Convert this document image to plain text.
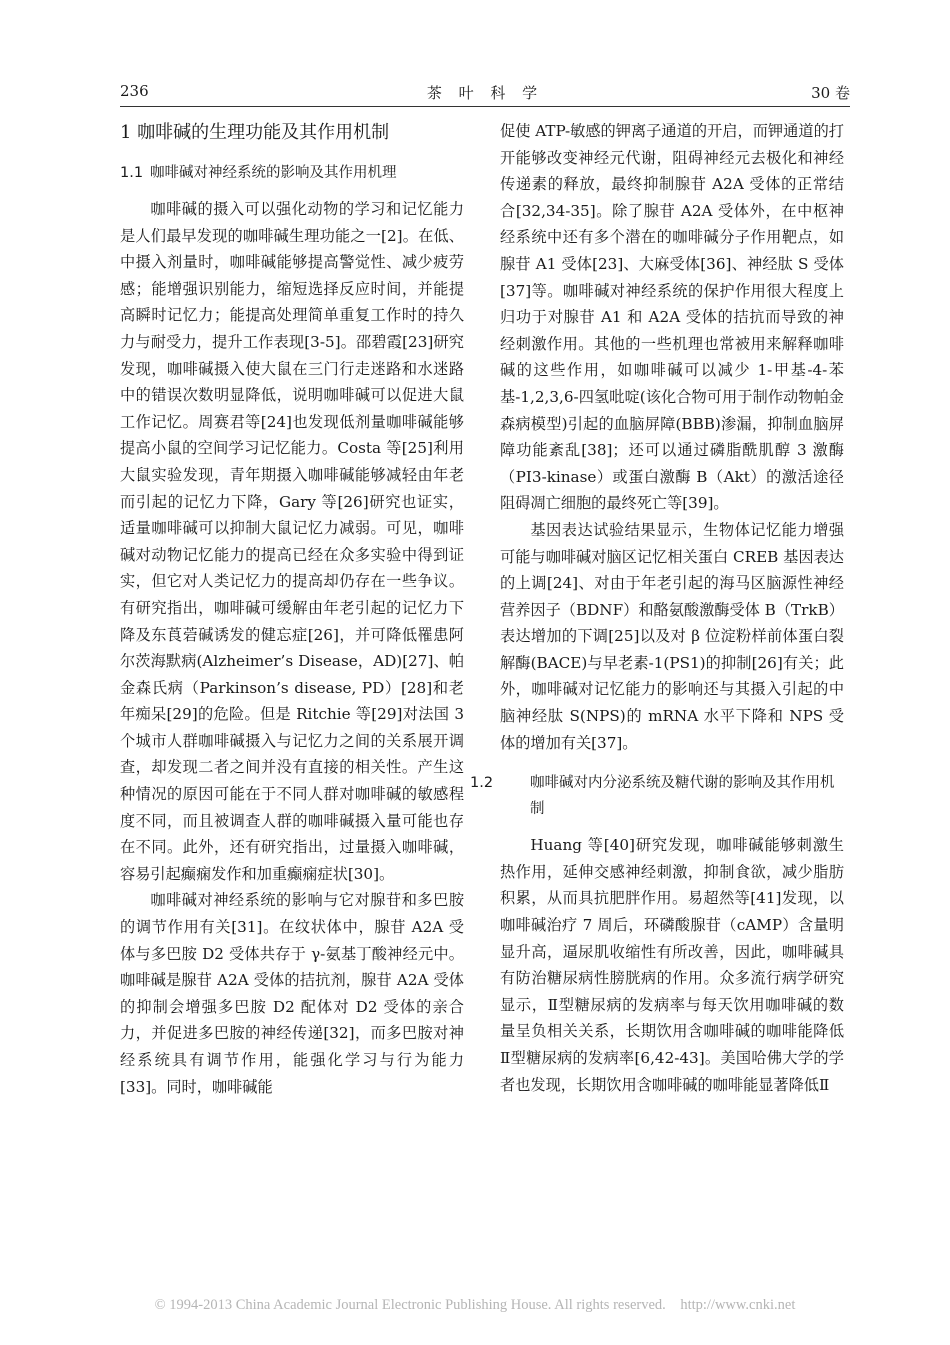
茶 叶 科 学
236	30 卷
1 咖啡碱的生理功能及其作用机制
1.1 咖啡碱对神经系统的影响及其作用机理

咖啡碱的摄入可以强化动物的学习和记忆能力是人们最早发现的咖啡碱生理功能之一[2]。在低、中摄入剂量时，咖啡碱能够提高警觉性、减少疲劳感；能增强识别能力，缩短选择反应时间，并能提高瞬时记忆力；能提高处理简单重复工作时的持久力与耐受力，提升工作表现[3-5]。邵碧霞[23]研究发现，咖啡碱摄入使大鼠在三门行走迷路和水迷路中的错误次数明显降低，说明咖啡碱可以促进大鼠工作记忆。周赛君等[24]也发现低剂量咖啡碱能够提高小鼠的空间学习记忆能力。Costa 等[25]利用大鼠实验发现，青年期摄入咖啡碱能够减轻由年老而引起的记忆力下降，Gary 等[26]研究也证实，适量咖啡碱可以抑制大鼠记忆力减弱。可见，咖啡碱对动物记忆能力的提高已经在众多实验中得到证实，但它对人类记忆力的提高却仍存在一些争议。有研究指出，咖啡碱可缓解由年老引起的记忆力下降及东莨菪碱诱发的健忘症[26]，并可降低罹患阿尔茨海默病(Alzheimer’s Disease，AD)[27]、帕金森氏病（Parkinson’s disease, PD）[28]和老年痴呆[29]的危险。但是 Ritchie 等[29]对法国 3 个城市人群咖啡碱摄入与记忆力之间的关系展开调查，却发现二者之间并没有直接的相关性。产生这种情况的原因可能在于不同人群对咖啡碱的敏感程度不同，而且被调查人群的咖啡碱摄入量可能也存在不同。此外，还有研究指出，过量摄入咖啡碱，容易引起癫痫发作和加重癫痫症状[30]。

咖啡碱对神经系统的影响与它对腺苷和多巴胺的调节作用有关[31]。在纹状体中，腺苷 A2A 受体与多巴胺 D2 受体共存于 γ-氨基丁酸神经元中。咖啡碱是腺苷 A2A 受体的拮抗剂，腺苷 A2A 受体的抑制会增强多巴胺 D2 配体对 D2 受体的亲合力，并促进多巴胺的神经传递[32]，而多巴胺对神经系统具有调节作用，能强化学习与行为能力[33]。同时，咖啡碱能

促使 ATP-敏感的钾离子通道的开启，而钾通道的打开能够改变神经元代谢，阻碍神经元去极化和神经传递素的释放，最终抑制腺苷 A2A 受体的正常结合[32,34-35]。除了腺苷 A2A 受体外，在中枢神经系统中还有多个潜在的咖啡碱分子作用靶点，如腺苷 A1 受体[23]、大麻受体[36]、神经肽 S 受体[37]等。咖啡碱对神经系统的保护作用很大程度上归功于对腺苷 A1 和 A2A 受体的拮抗而导致的神经刺激作用。其他的一些机理也常被用来解释咖啡碱的这些作用，如咖啡碱可以减少 1-甲基-4-苯基-1,2,3,6-四氢吡啶(该化合物可用于制作动物帕金森病模型)引起的血脑屏障(BBB)渗漏，抑制血脑屏障功能紊乱[38]；还可以通过磷脂酰肌醇 3 激酶（PI3-kinase）或蛋白激酶 B（Akt）的激活途径阻碍凋亡细胞的最终死亡等[39]。

基因表达试验结果显示，生物体记忆能力增强可能与咖啡碱对脑区记忆相关蛋白 CREB 基因表达的上调[24]、对由于年老引起的海马区脑源性神经营养因子（BDNF）和酪氨酸激酶受体 B（TrkB）表达增加的下调[25]以及对 β 位淀粉样前体蛋白裂解酶(BACE)与早老素-1(PS1)的抑制[26]有关；此外，咖啡碱对记忆能力的影响还与其摄入引起的中脑神经肽 S(NPS)的 mRNA 水平下降和 NPS 受体的增加有关[37]。

1.2	咖啡碱对内分泌系统及糖代谢的影响及其作用机制

Huang 等[40]研究发现，咖啡碱能够刺激生热作用，延伸交感神经刺激，抑制食欲，减少脂肪积累，从而具抗肥胖作用。易超然等[41]发现，以咖啡碱治疗 7 周后，环磷酸腺苷（cAMP）含量明显升高，逼尿肌收缩性有所改善，因此，咖啡碱具有防治糖尿病性膀胱病的作用。众多流行病学研究显示，Ⅱ型糖尿病的发病率与每天饮用咖啡碱的数量呈负相关关系，长期饮用含咖啡碱的咖啡能降低Ⅱ型糖尿病的发病率[6,42-43]。美国哈佛大学的学者也发现，长期饮用含咖啡碱的咖啡能显著降低Ⅱ

© 1994-2013 China Academic Journal Electronic Publishing House. All rights reserved. http://www.cnki.net
